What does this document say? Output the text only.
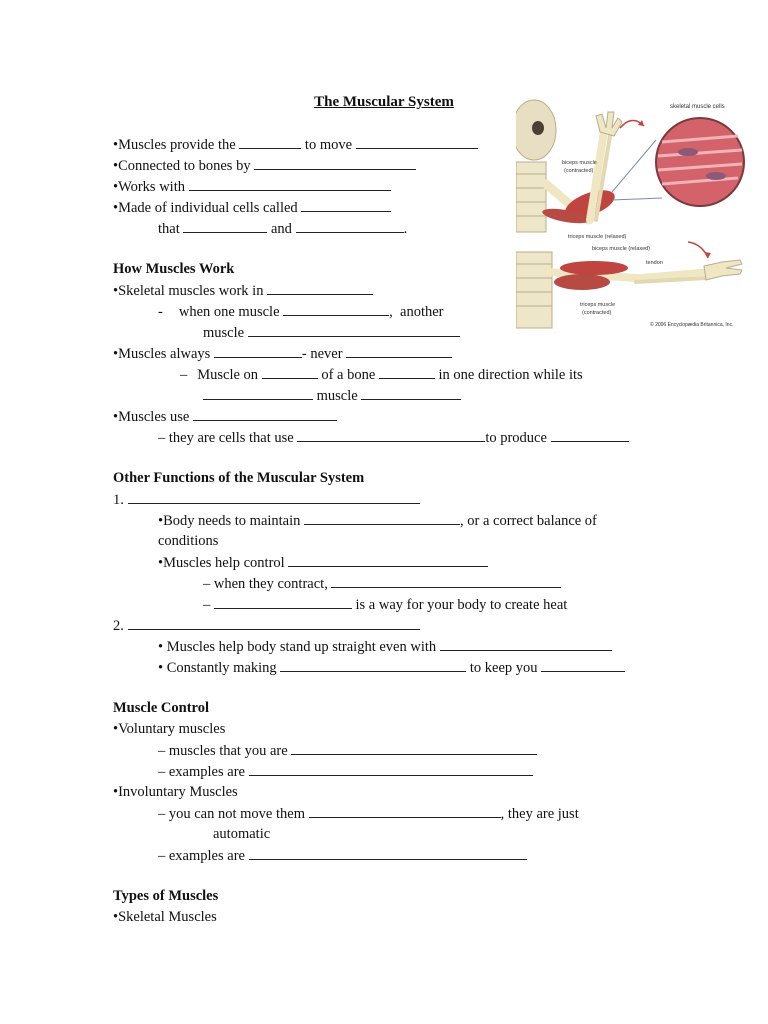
The Muscular System
•Muscles provide the	to move
•Connected to bones by
•Works with
•Made of individual cells called
that	and	.
How Muscles Work
•Skeletal muscles work in
- when one muscle	,  another
muscle
•Muscles always	- never
– Muscle on	of a bone	in one direction while its
muscle
•Muscles use
– they are cells that use	to produce
Other Functions of the Muscular System
1.
•Body needs to maintain	, or a correct balance of
conditions
•Muscles help control
– when they contract,
–	is a way for your body to create heat
2.
• Muscles help body stand up straight even with
• Constantly making	to keep you
Muscle Control
•Voluntary muscles
– muscles that you are
– examples are
•Involuntary Muscles
– you can not move them	, they are just
automatic
– examples are
Types of Muscles
•Skeletal Muscles
skeletal muscle cells
biceps muscle
(contracted)
triceps muscle (relaxed)
biceps muscle (relaxed)
tendon
triceps muscle
(contracted)
© 2006 Encyclopædia Britannica, Inc.
